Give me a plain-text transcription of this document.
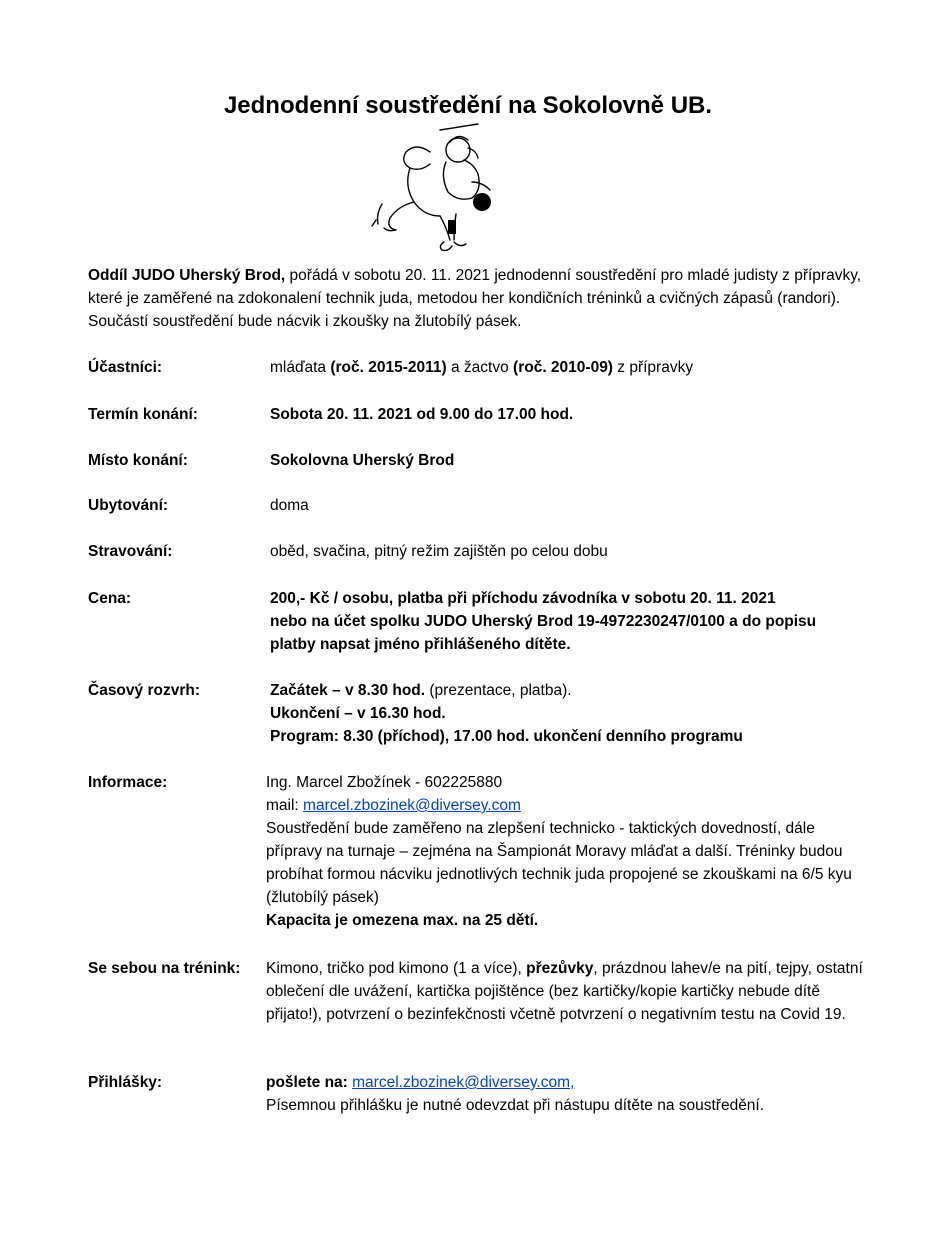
Jednodenní soustředění na Sokolovně UB.

Oddíl JUDO Uherský Brod, pořádá v sobotu 20. 11. 2021 jednodenní soustředění pro mladé judisty z přípravky, které je zaměřené na zdokonalení technik juda, metodou her kondičních tréninků a cvičných zápasů (randori). Součástí soustředění bude nácvik i zkoušky na žlutobílý pásek.

Účastníci:	mláďata (roč. 2015-2011) a žactvo (roč. 2010-09) z přípravky
Termín konání:	Sobota 20. 11. 2021 od 9.00 do 17.00 hod.
Místo konání:	Sokolovna Uherský Brod
Ubytování:	doma
Stravování:	oběd, svačina, pitný režim zajištěn po celou dobu
Cena:	200,- Kč / osobu, platba při příchodu závodníka v sobotu 20. 11. 2021

nebo na účet spolku JUDO Uherský Brod 19-4972230247/0100 a do popisu

platby napsat jméno přihlášeného dítěte.

Časový rozvrh:	Začátek – v 8.30 hod. (prezentace, platba).

Ukončení – v 16.30 hod.

Program: 8.30 (příchod), 17.00 hod. ukončení denního programu

Informace:	Ing. Marcel Zbožínek - 602225880

mail: marcel.zbozinek@diversey.com

Soustředění bude zaměřeno na zlepšení technicko - taktických dovedností, dále přípravy na turnaje – zejména na Šampionát Moravy mláďat a další. Tréninky budou probíhat formou nácviku jednotlivých technik juda propojené se zkouškami na 6/5 kyu (žlutobílý pásek)

Kapacita je omezena max. na 25 dětí.

Se sebou na trénink: Kimono, tričko pod kimono (1 a více), přezůvky, prázdnou lahev/e na pití, tejpy, ostatní oblečení dle uvážení, kartička pojištěnce (bez kartičky/kopie kartičky nebude dítě přijato!), potvrzení o bezinfekčnosti včetně potvrzení o negativním testu na Covid 19.
Přihlášky:	pošlete na: marcel.zbozinek@diversey.com,

Písemnou přihlášku je nutné odevzdat při nástupu dítěte na soustředění.
